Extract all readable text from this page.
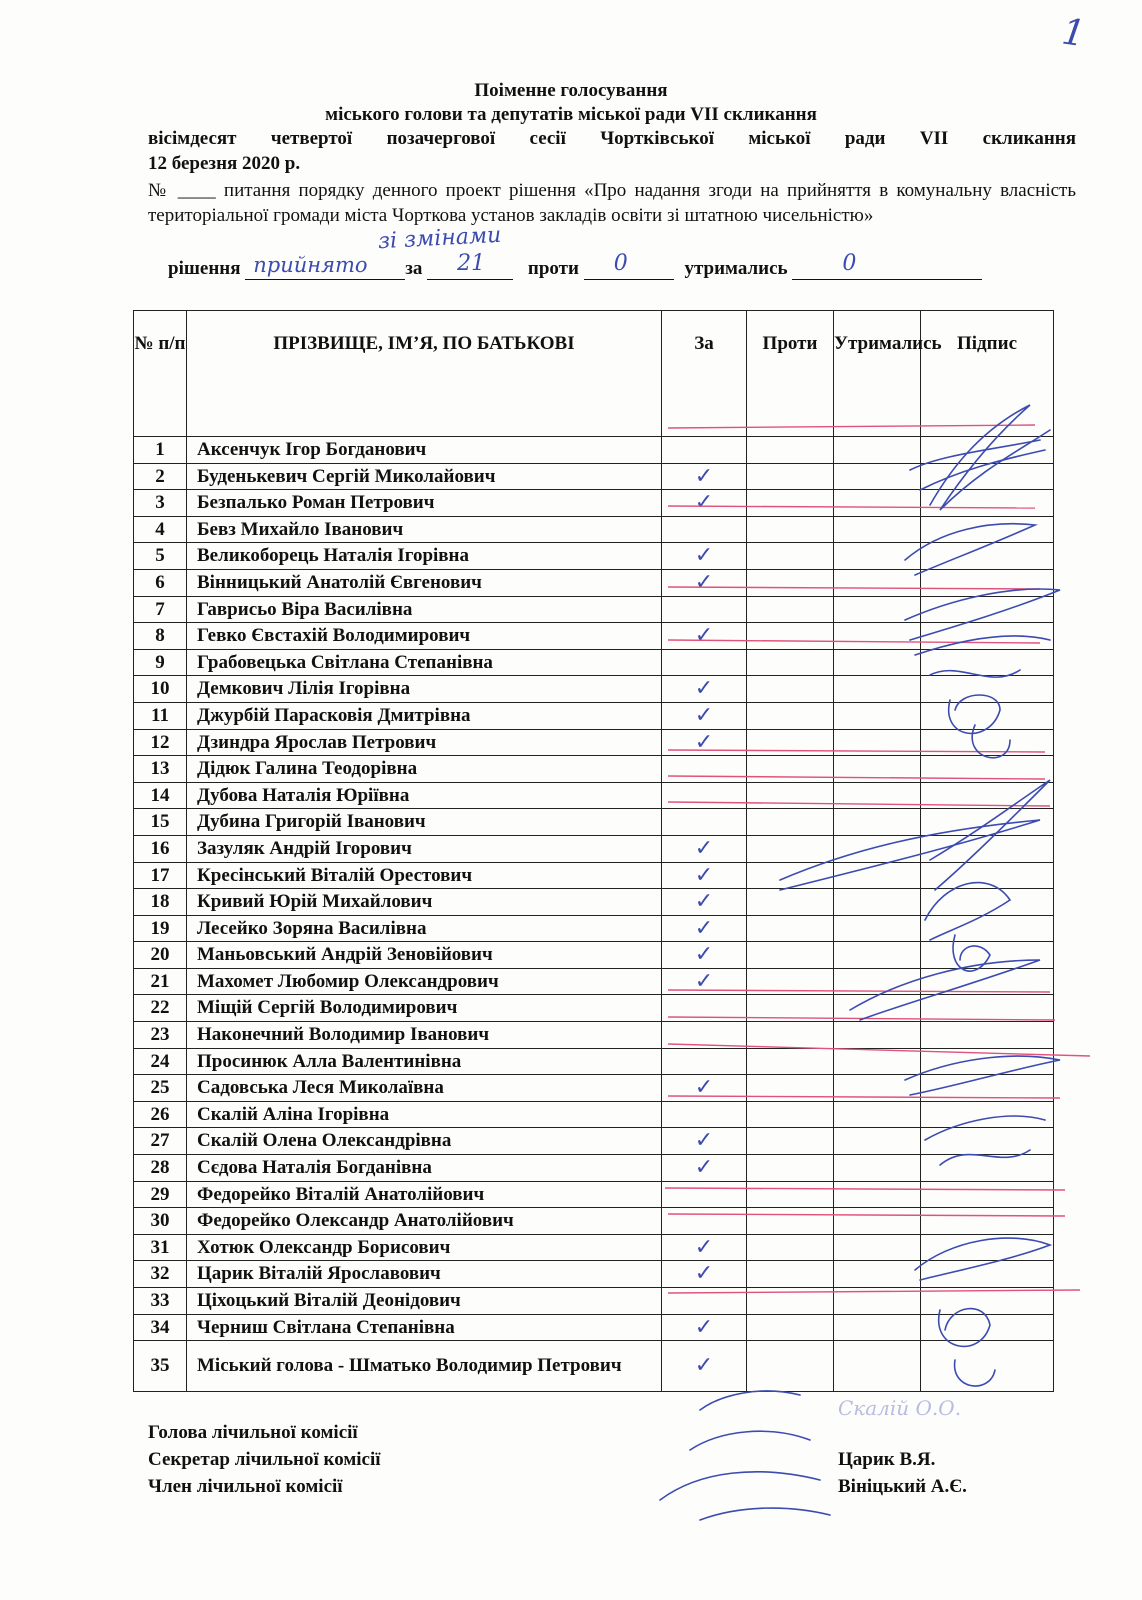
1
Поіменне голосування
міського голови та депутатів міської ради VII скликання
вісімдесят четвертої позачергової сесії Чортківської міської ради VII скликання
12 березня 2020 р.
№ ____ питання порядку денного проект рішення «Про надання згоди на прийняття в комунальну власність територіальної громади міста Чорткова установ закладів освіти зі штатною чисельністю»
зі змінами
рішення прийнято за 21 проти 0	утримались 0
№ п/п	ПРІЗВИЩЕ, ІМ’Я, ПО БАТЬКОВІ	За	Проти	Утримались	Підпис
1	Аксенчук Ігор Богданович				
2	Буденькевич Сергій Миколайович	✓			
3	Безпалько Роман Петрович	✓			
4	Бевз Михайло Іванович				
5	Великоборець Наталія Ігорівна	✓			
6	Вінницький Анатолій Євгенович	✓			
7	Гаврисьо Віра Василівна				
8	Гевко Євстахій Володимирович	✓			
9	Грабовецька Світлана Степанівна				
10	Демкович Лілія Ігорівна	✓			
11	Джурбій Парасковія Дмитрівна	✓			
12	Дзиндра Ярослав Петрович	✓			
13	Дідюк Галина Теодорівна				
14	Дубова Наталія Юріївна				
15	Дубина Григорій Іванович				
16	Зазуляк Андрій Ігорович	✓			
17	Кресінський Віталій Орестович	✓			
18	Кривий Юрій Михайлович	✓			
19	Лесейко Зоряна Василівна	✓			
20	Маньовський Андрій Зеновійович	✓			
21	Махомет Любомир Олександрович	✓			
22	Міщій Сергій Володимирович				
23	Наконечний Володимир Іванович				
24	Просинюк Алла Валентинівна				
25	Садовська Леся Миколаївна	✓			
26	Скалій Аліна Ігорівна				
27	Скалій Олена Олександрівна	✓			
28	Сєдова Наталія Богданівна	✓			
29	Федорейко Віталій Анатолійович				
30	Федорейко Олександр Анатолійович				
31	Хотюк Олександр Борисович	✓			
32	Царик Віталій Ярославович	✓			
33	Ціхоцький Віталій Деонідович				
34	Черниш Світлана Степанівна	✓			
35	Міський голова - Шматько Володимир Петрович	✓			
Голова лічильної комісії
Секретар лічильної комісії
Член лічильної комісії
Скалій О.О.
Царик В.Я.
Вініцький А.Є.
